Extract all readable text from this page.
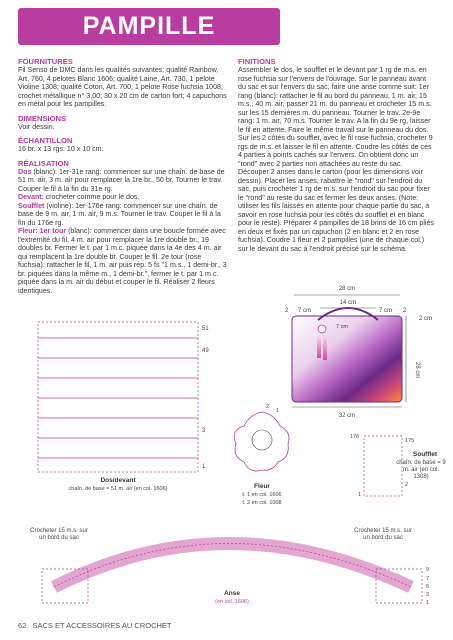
PAMPILLE
FOURNITURES

Fil Senso de DMC dans les qualités suivantes: qualité Rainbow, Art. 760, 4 pelotes Blanc 1606; qualité Laine, Art. 730, 1 pelote Violine 1308; qualité Coton, Art. 700, 1 pelote Rose fuchsia 1008; crochet métallique n° 3,00; 30 x 20 cm de carton fort; 4 capuchons en métal pour les pampilles.

DIMENSIONS

Voir dessin.

ÉCHANTILLON

16 br. x 13 rgs: 10 x 10 cm.

RÉALISATION

Dos (blanc): 1er-31e rang: commencer sur une chaîn. de base de 51 m. air, 3 m. air pour remplacer la 1re br., 50 br. Tourner le trav. Couper le fil à la fin du 31e rg.

Devant: crocheter comme pour le dos.

Soufflet (violine): 1er-176e rang: commencer sur une chaîn. de base de 9 m. air, 1 m. air, 9 m.s. Tourner le trav. Couper le fil à la fin du 176e rg.

Fleur: 1er tour (blanc): commencer dans une boucle formée avec l'extrémité du fil, 4 m. air pour remplacer la 1re double br., 19 doubles br. Fermer le t. par 1 m.c. piquée dans la 4e des 4 m. air qui remplacent la 1re double br. Couper le fil. 2e tour (rose fuchsia): rattacher le fil, 1 m. air puis rép. 5 fs "1 m.s., 1 demi-br., 3 br. piquées dans la même m., 1 demi-br.", fermer le t. par 1 m.c. piquée dans la m. air du début et couper le fil. Réaliser 2 fleurs identiques.

FINITIONS

Assembler le dos, le soufflet et le devant par 1 rg de m.s. en rose fuchsia sur l'envers de l'ouvrage. Sur le panneau avant du sac et sur l'envers du sac, faire une anse comme suit: 1er rang (blanc): rattacher le fil au bord du panneau, 1 m. air, 15 m.s., 40 m. air, passer 21 m. du panneau et crocheter 15 m.s. sur les 15 dernières m. du panneau. Tourner le trav. 2e-9e rang: 1 m. air, 70 m.s. Tourner le trav. A la fin du 9e rg, laisser le fil en attente. Faire le même travail sur le panneau du dos. Sur les 2 côtés du soufflet, avec le fil rose fuchsia, crocheter 9 rgs de m.s. et laisser le fil en attente. Coudre les côtés de ces 4 parties à points cachés sur l'envers. On obtient donc un "rond" avec 2 parties non attachées au reste du sac. Découper 2 anses dans le carton (pour les dimensions voir dessin). Placer les anses, rabattre le "rond" sur l'endroit du sac, puis crocheter 1 rg de m.s. sur l'endroit du sac pour fixer le "rond" au reste du sac et fermer les deux anses. (Note: utiliser les fils laissés en attente pour chaque partie du sac, à savoir en rose fuchsia pour les côtés du soufflet et en blanc pour le reste). Préparer 4 pampilles de 18 brins de 16 cm pliés en deux et fixés par un capuchon (2 en blanc et 2 en rose fuchsia). Coudre 1 fleur et 2 pampilles (une de chaque col.) sur le devant du sac à l'endroit précisé sur le schéma.

28 cm
14 cm
2 7 cm	7 cm 2
7 cm
28 cm
2 cm
32 cm
51
49
3
1
Dos/devant
chaîn. de base = 51 m. air (en col. 1606)
2
1
Fleur
t. 1 en col. 1606
t. 2 en col. 1008
176
175
2
1
Soufflet
chaîn. de base = 9 m. air (en col. 1308)
9
7
5
3
1
Anse
(en col. 1606)
Crocheter 15 m.s. sur un bord du sac
Crocheter 15 m.s. sur un bord du sac
62 SACS ET ACCESSOIRES AU CROCHET
